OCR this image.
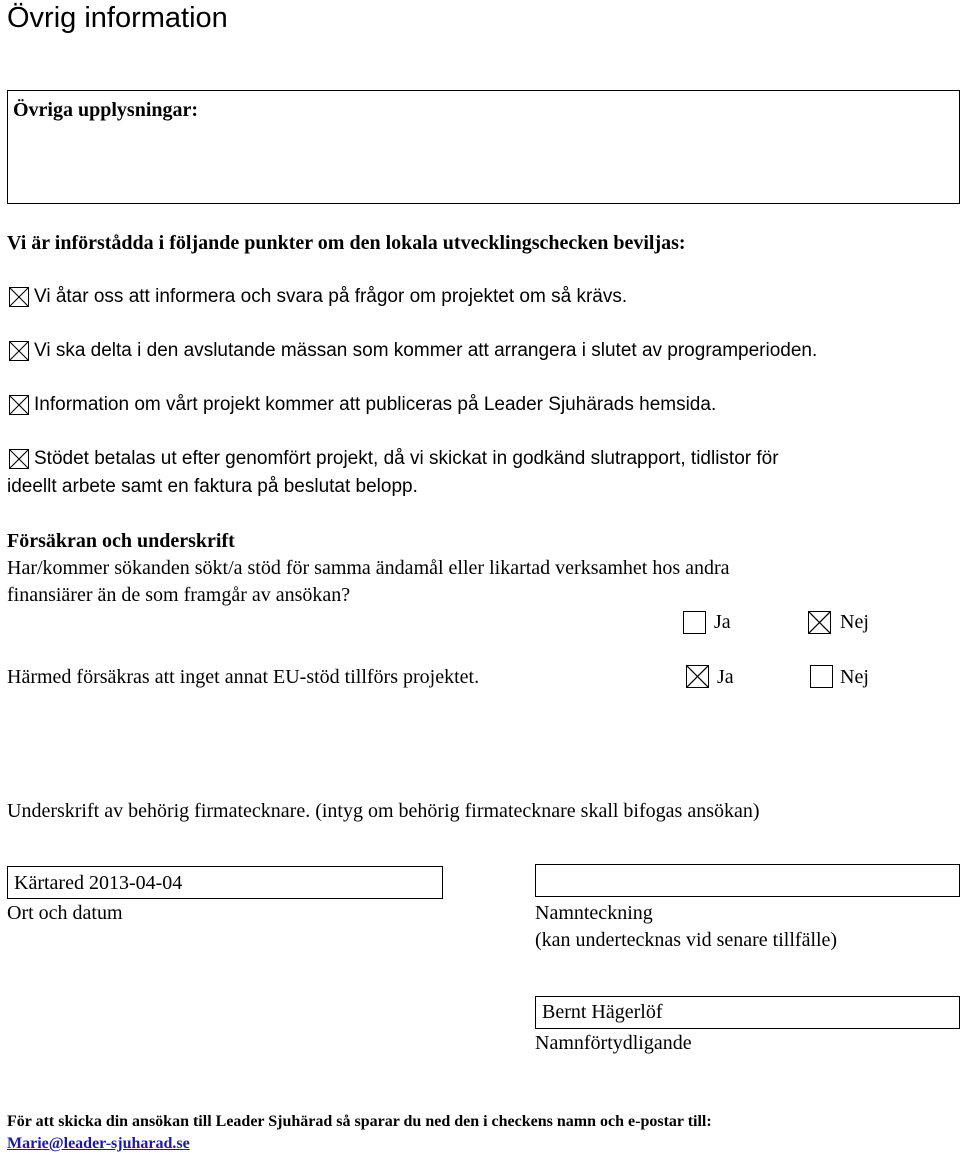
Övrig information
Övriga upplysningar:
Vi är införstådda i följande punkter om den lokala utvecklingschecken beviljas:
Vi åtar oss att informera och svara på frågor om projektet om så krävs.
Vi ska delta i den avslutande mässan som kommer att arrangera i slutet av programperioden.
Information om vårt projekt kommer att publiceras på Leader Sjuhärads hemsida.
Stödet betalas ut efter genomfört projekt, då vi skickat in godkänd slutrapport, tidlistor för
ideellt arbete samt en faktura på beslutat belopp.
Försäkran och underskrift
Har/kommer sökanden sökt/a stöd för samma ändamål eller likartad verksamhet hos andra
finansiärer än de som framgår av ansökan?
Ja	Nej
Härmed försäkras att inget annat EU-stöd tillförs projektet.	Ja	Nej
Underskrift av behörig firmatecknare. (intyg om behörig firmatecknare skall bifogas ansökan)
Kärtared 2013-04-04
Ort och datum	Namnteckning
(kan undertecknas vid senare tillfälle)
Bernt Hägerlöf
Namnförtydligande
För att skicka din ansökan till Leader Sjuhärad så sparar du ned den i checkens namn och e-postar till:
Marie@leader-sjuharad.se
